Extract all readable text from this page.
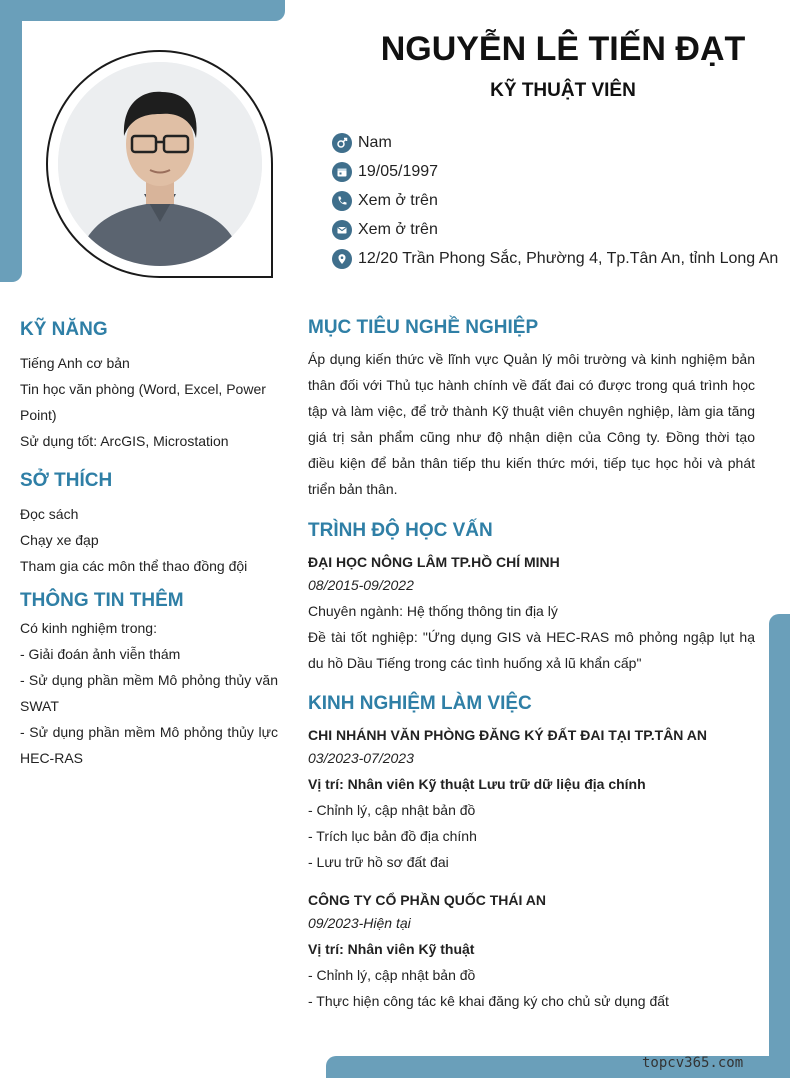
NGUYỄN LÊ TIẾN ĐẠT
KỸ THUẬT VIÊN
Nam
19/05/1997
Xem ở trên
Xem ở trên
12/20 Trần Phong Sắc, Phường 4, Tp.Tân An, tỉnh Long An
KỸ NĂNG
Tiếng Anh cơ bản
Tin học văn phòng (Word, Excel, Power Point)
Sử dụng tốt: ArcGIS, Microstation
SỞ THÍCH
Đọc sách
Chạy xe đạp
Tham gia các môn thể thao đồng đội
THÔNG TIN THÊM
Có kinh nghiệm trong:
- Giải đoán ảnh viễn thám
- Sử dụng phần mềm Mô phỏng thủy văn SWAT
- Sử dụng phần mềm Mô phỏng thủy lực HEC-RAS
MỤC TIÊU NGHỀ NGHIỆP
Áp dụng kiến thức về lĩnh vực Quản lý môi trường và kinh nghiệm bản thân đối với Thủ tục hành chính về đất đai có được trong quá trình học tập và làm việc, để trở thành Kỹ thuật viên chuyên nghiệp, làm gia tăng giá trị sản phẩm cũng như độ nhận diện của Công ty. Đồng thời tạo điều kiện để bản thân tiếp thu kiến thức mới, tiếp tục học hỏi và phát triển bản thân.
TRÌNH ĐỘ HỌC VẤN
ĐẠI HỌC NÔNG LÂM TP.HỒ CHÍ MINH
08/2015-09/2022
Chuyên ngành: Hệ thống thông tin địa lý
Đề tài tốt nghiệp: "Ứng dụng GIS và HEC-RAS mô phỏng ngập lụt hạ du hồ Dầu Tiếng trong các tình huống xả lũ khẩn cấp"
KINH NGHIỆM LÀM VIỆC
CHI NHÁNH VĂN PHÒNG ĐĂNG KÝ ĐẤT ĐAI TẠI TP.TÂN AN
03/2023-07/2023
Vị trí: Nhân viên Kỹ thuật Lưu trữ dữ liệu địa chính
- Chỉnh lý, cập nhật bản đồ
- Trích lục bản đồ địa chính
- Lưu trữ hồ sơ đất đai
CÔNG TY CỔ PHẦN QUỐC THÁI AN
09/2023-Hiện tại
Vị trí: Nhân viên Kỹ thuật
- Chỉnh lý, cập nhật bản đồ
- Thực hiện công tác kê khai đăng ký cho chủ sử dụng đất
topcv365.com
